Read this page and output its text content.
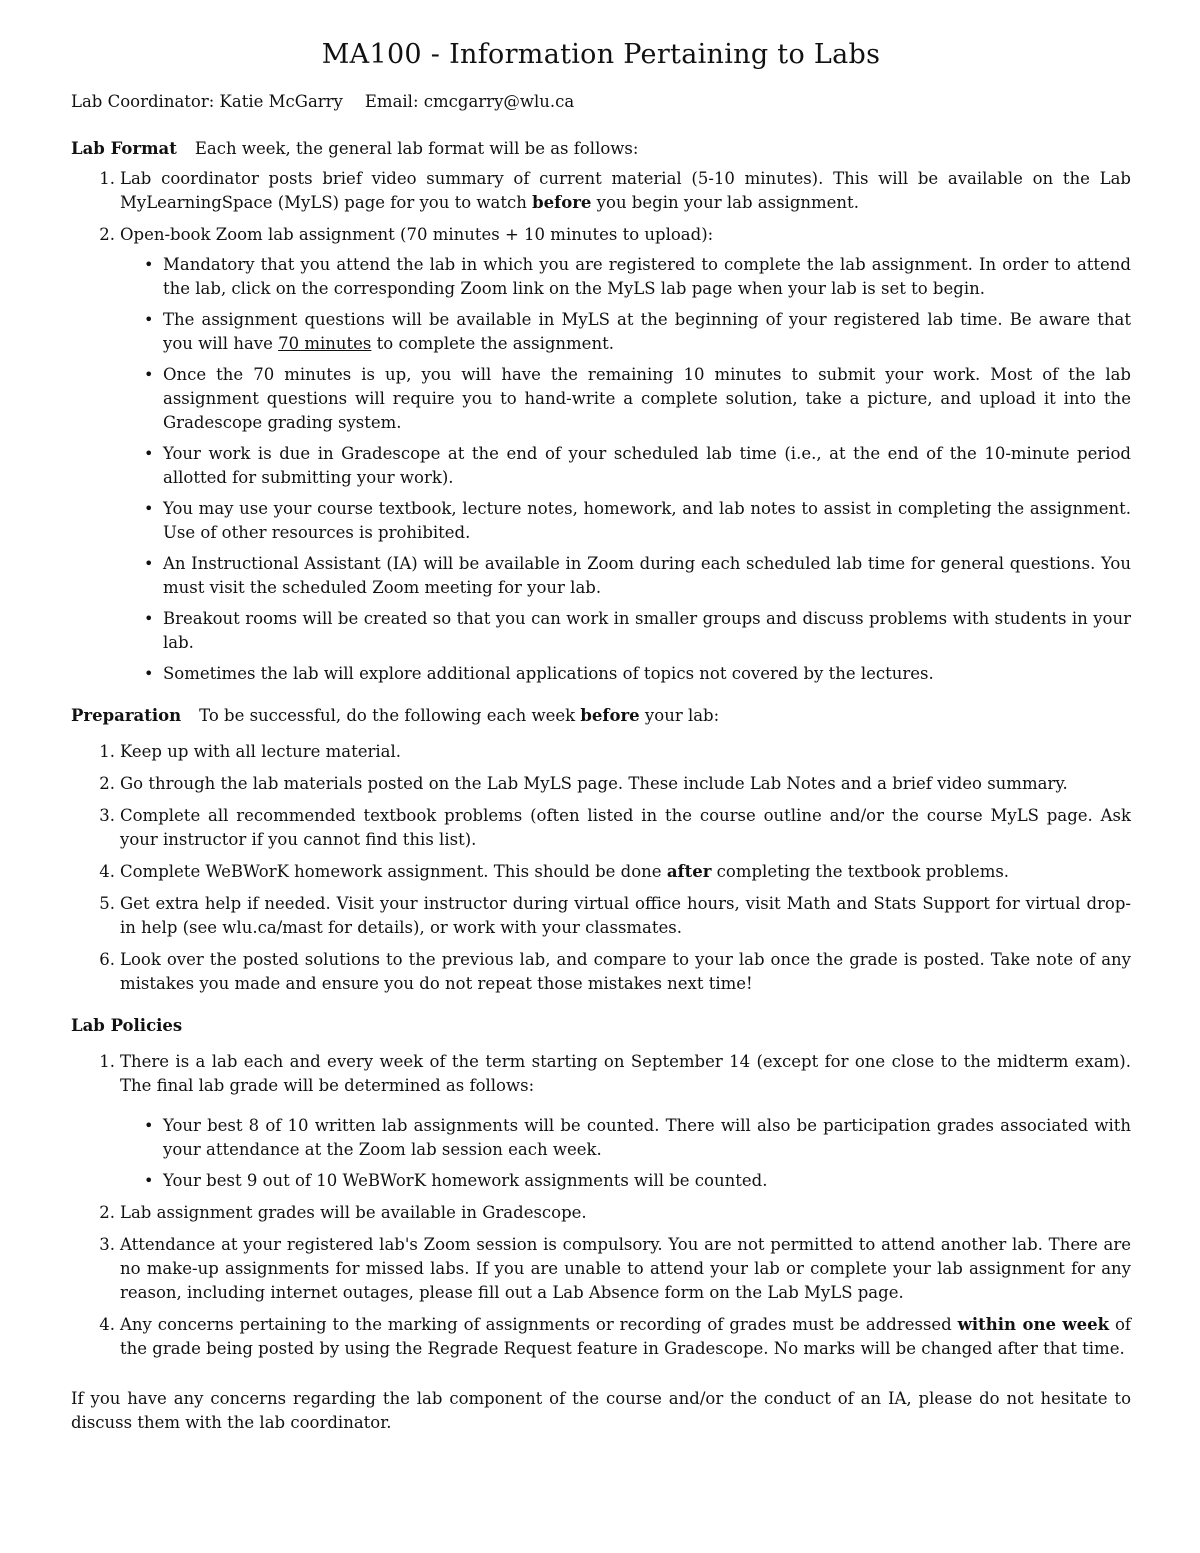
MA100 - Information Pertaining to Labs
Lab Coordinator: Katie McGarry Email: cmcgarry@wlu.ca
Lab Format Each week, the general lab format will be as follows:
1. Lab coordinator posts brief video summary of current material (5-10 minutes). This will be available on the Lab MyLearningSpace (MyLS) page for you to watch before you begin your lab assignment.
2. Open-book Zoom lab assignment (70 minutes + 10 minutes to upload):
• Mandatory that you attend the lab in which you are registered to complete the lab assignment. In order to attend the lab, click on the corresponding Zoom link on the MyLS lab page when your lab is set to begin.
• The assignment questions will be available in MyLS at the beginning of your registered lab time. Be aware that you will have 70 minutes to complete the assignment.
• Once the 70 minutes is up, you will have the remaining 10 minutes to submit your work. Most of the lab assignment questions will require you to hand-write a complete solution, take a picture, and upload it into the Gradescope grading system.
• Your work is due in Gradescope at the end of your scheduled lab time (i.e., at the end of the 10-minute period allotted for submitting your work).
• You may use your course textbook, lecture notes, homework, and lab notes to assist in completing the assignment. Use of other resources is prohibited.
• An Instructional Assistant (IA) will be available in Zoom during each scheduled lab time for general questions. You must visit the scheduled Zoom meeting for your lab.
• Breakout rooms will be created so that you can work in smaller groups and discuss problems with students in your lab.
• Sometimes the lab will explore additional applications of topics not covered by the lectures.
Preparation To be successful, do the following each week before your lab:
1. Keep up with all lecture material.
2. Go through the lab materials posted on the Lab MyLS page. These include Lab Notes and a brief video summary.
3. Complete all recommended textbook problems (often listed in the course outline and/or the course MyLS page. Ask your instructor if you cannot find this list).
4. Complete WeBWorK homework assignment. This should be done after completing the textbook problems.
5. Get extra help if needed. Visit your instructor during virtual office hours, visit Math and Stats Support for virtual drop-in help (see wlu.ca/mast for details), or work with your classmates.
6. Look over the posted solutions to the previous lab, and compare to your lab once the grade is posted. Take note of any mistakes you made and ensure you do not repeat those mistakes next time!
Lab Policies
1. There is a lab each and every week of the term starting on September 14 (except for one close to the midterm exam). The final lab grade will be determined as follows:
• Your best 8 of 10 written lab assignments will be counted. There will also be participation grades associated with your attendance at the Zoom lab session each week.
• Your best 9 out of 10 WeBWorK homework assignments will be counted.
2. Lab assignment grades will be available in Gradescope.
3. Attendance at your registered lab's Zoom session is compulsory. You are not permitted to attend another lab. There are no make-up assignments for missed labs. If you are unable to attend your lab or complete your lab assignment for any reason, including internet outages, please fill out a Lab Absence form on the Lab MyLS page.
4. Any concerns pertaining to the marking of assignments or recording of grades must be addressed within one week of the grade being posted by using the Regrade Request feature in Gradescope. No marks will be changed after that time.

If you have any concerns regarding the lab component of the course and/or the conduct of an IA, please do not hesitate to discuss them with the lab coordinator.
